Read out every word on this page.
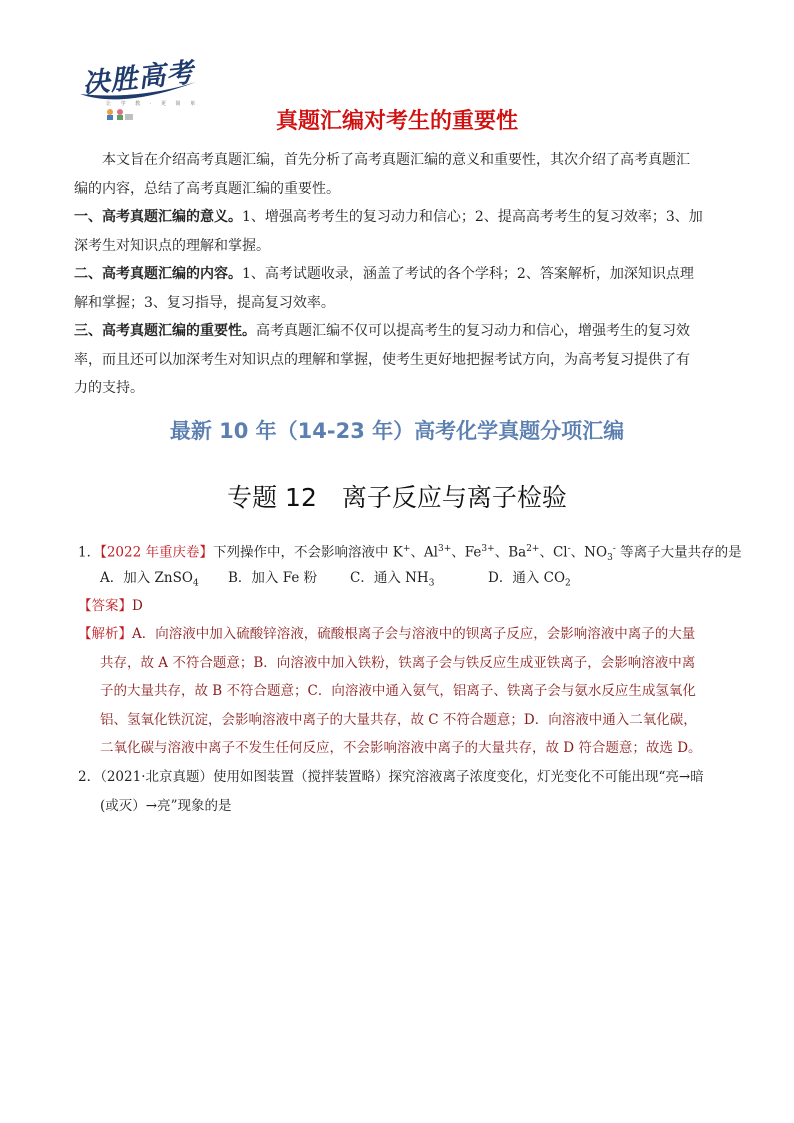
决胜高考
让 学 教 · 更 简 单
真题汇编对考生的重要性
本文旨在介绍高考真题汇编，首先分析了高考真题汇编的意义和重要性，其次介绍了高考真题汇
编的内容，总结了高考真题汇编的重要性。
一、高考真题汇编的意义。1、增强高考考生的复习动力和信心；2、提高高考考生的复习效率；3、加
深考生对知识点的理解和掌握。
二、高考真题汇编的内容。1、高考试题收录，涵盖了考试的各个学科；2、答案解析，加深知识点理
解和掌握；3、复习指导，提高复习效率。
三、高考真题汇编的重要性。高考真题汇编不仅可以提高考生的复习动力和信心，增强考生的复习效
率，而且还可以加深考生对知识点的理解和掌握，使考生更好地把握考试方向，为高考复习提供了有
力的支持。
最新 10 年（14-23 年）高考化学真题分项汇编
专题 12　离子反应与离子检验
1．【2022 年重庆卷】下列操作中，不会影响溶液中 K+、$Al^{3+}$、$Fe^{3+}$、$Ba^{2+}$、Cl-、$NO_3^-$ 等离子大量共存的是
A．加入 ZnSO$_4$ B．加入 Fe 粉 C．通入 $NH_3$	D．通入 $CO_2$
【答案】D
【解析】A．向溶液中加入硫酸锌溶液，硫酸根离子会与溶液中的钡离子反应，会影响溶液中离子的大量
共存，故 A 不符合题意；B．向溶液中加入铁粉，铁离子会与铁反应生成亚铁离子，会影响溶液中离
子的大量共存，故 B 不符合题意；C．向溶液中通入氨气，铝离子、铁离子会与氨水反应生成氢氧化
铝、氢氧化铁沉淀，会影响溶液中离子的大量共存，故 C 不符合题意；D．向溶液中通入二氧化碳，
二氧化碳与溶液中离子不发生任何反应，不会影响溶液中离子的大量共存，故 D 符合题意；故选 D。
2．（2021·北京真题）使用如图装置（搅拌装置略）探究溶液离子浓度变化，灯光变化不可能出现“亮→暗
(或灭）→亮”现象的是
